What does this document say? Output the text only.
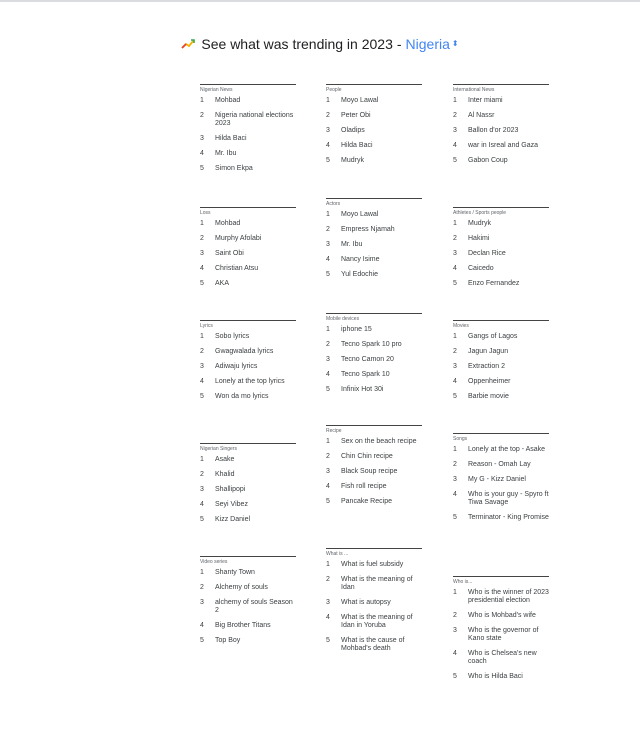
See what was trending in 2023 - Nigeria ⬍
Nigerian News
1	Mohbad
2	Nigeria national elections 2023
3	Hilda Baci
4	Mr. Ibu
5	Simon Ekpa
Loss
1	Mohbad
2	Murphy Afolabi
3	Saint Obi
4	Christian Atsu
5	AKA
Lyrics
1	Sobo lyrics
2	Gwagwalada lyrics
3	Adiwaju lyrics
4	Lonely at the top lyrics
5	Won da mo lyrics
Nigerian Singers
1	Asake
2	Khalid
3	Shallipopi
4	Seyi Vibez
5	Kizz Daniel
Video series
1	Shanty Town
2	Alchemy of souls
3	alchemy of souls Season 2
4	Big Brother Titans
5	Top Boy
People
1	Moyo Lawal
2	Peter Obi
3	Oladips
4	Hilda Baci
5	Mudryk
Actors
1	Moyo Lawal
2	Empress Njamah
3	Mr. Ibu
4	Nancy Isime
5	Yul Edochie
Mobile devices
1	iphone 15
2	Tecno Spark 10 pro
3	Tecno Camon 20
4	Tecno Spark 10
5	Infinix Hot 30i
Recipe
1	Sex on the beach recipe
2	Chin Chin recipe
3	Black Soup recipe
4	Fish roll recipe
5	Pancake Recipe
What is ...
1	What is fuel subsidy
2	What is the meaning of Idan
3	What is autopsy
4	What is the meaning of Idan in Yoruba
5	What is the cause of Mohbad's death
International News
1	Inter miami
2	Al Nassr
3	Ballon d'or 2023
4	war in Isreal and Gaza
5	Gabon Coup
Athletes / Sports people
1	Mudryk
2	Hakimi
3	Declan Rice
4	Caicedo
5	Enzo Fernandez
Movies
1	Gangs of Lagos
2	Jagun Jagun
3	Extraction 2
4	Oppenheimer
5	Barbie movie
Songs
1	Lonely at the top - Asake
2	Reason - Omah Lay
3	My G - Kizz Daniel
4	Who is your guy - Spyro ft Tiwa Savage
5	Terminator - King Promise
Who is...
1	Who is the winner of 2023 presidential election
2	Who is Mohbad's wife
3	Who is the governor of Kano state
4	Who is Chelsea's new coach
5	Who is Hilda Baci
